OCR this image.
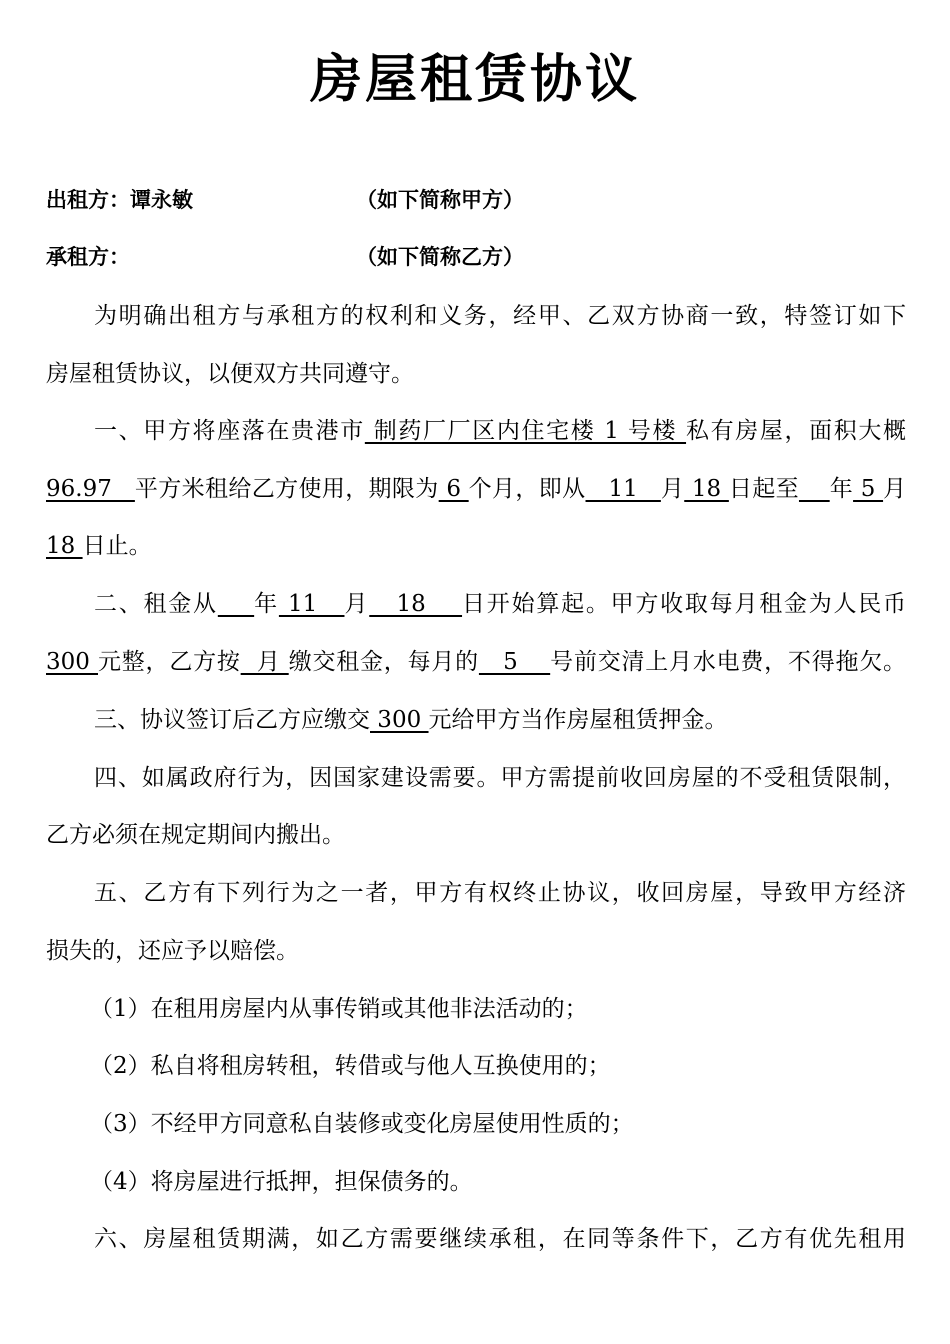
房屋租赁协议
出租方：谭永敏	（如下简称甲方）
承租方：	（如下简称乙方）
为明确出租方与承租方的权利和义务，经甲、乙双方协商一致，特签订如下
房屋租赁协议，以便双方共同遵守。
一、甲方将座落在贵港市 制药厂厂区内住宅楼 1 号楼 私有房屋，面积大概
96.97   平方米租给乙方使用，期限为 6 个月，即从   11   月 18 日起至 年 5 月
18 日止。
二、租金从 年 11   月   18    日开始算起。甲方收取每月租金为人民币
300 元整，乙方按  月 缴交租金，每月的   5    号前交清上月水电费，不得拖欠。
三、协议签订后乙方应缴交 300 元给甲方当作房屋租赁押金。
四、如属政府行为，因国家建设需要。甲方需提前收回房屋的不受租赁限制，
乙方必须在规定期间内搬出。
五、乙方有下列行为之一者，甲方有权终止协议，收回房屋，导致甲方经济
损失的，还应予以赔偿。
（1）在租用房屋内从事传销或其他非法活动的；
（2）私自将租房转租，转借或与他人互换使用的；
（3）不经甲方同意私自装修或变化房屋使用性质的；
（4）将房屋进行抵押，担保债务的。
六、房屋租赁期满，如乙方需要继续承租，在同等条件下，乙方有优先租用
